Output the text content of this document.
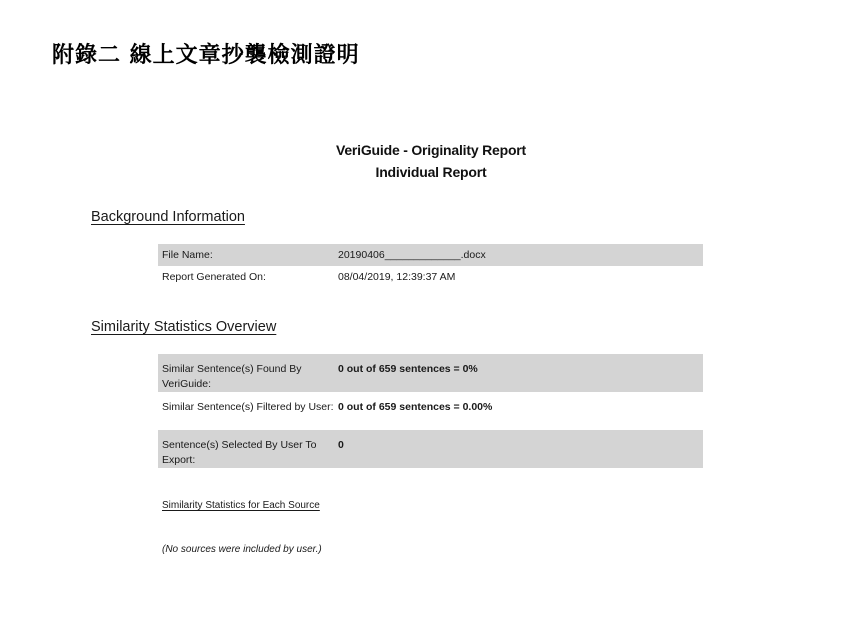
附錄二 線上文章抄襲檢測證明
VeriGuide - Originality Report
Individual Report
Background Information
File Name:	20190406_____________.docx
Report Generated On:	08/04/2019, 12:39:37 AM
Similarity Statistics Overview
Similar Sentence(s) Found By VeriGuide:
0 out of 659 sentences = 0%
Similar Sentence(s) Filtered by User: 0 out of 659 sentences = 0.00%
Sentence(s) Selected By User To Export:
0
Similarity Statistics for Each Source
(No sources were included by user.)
